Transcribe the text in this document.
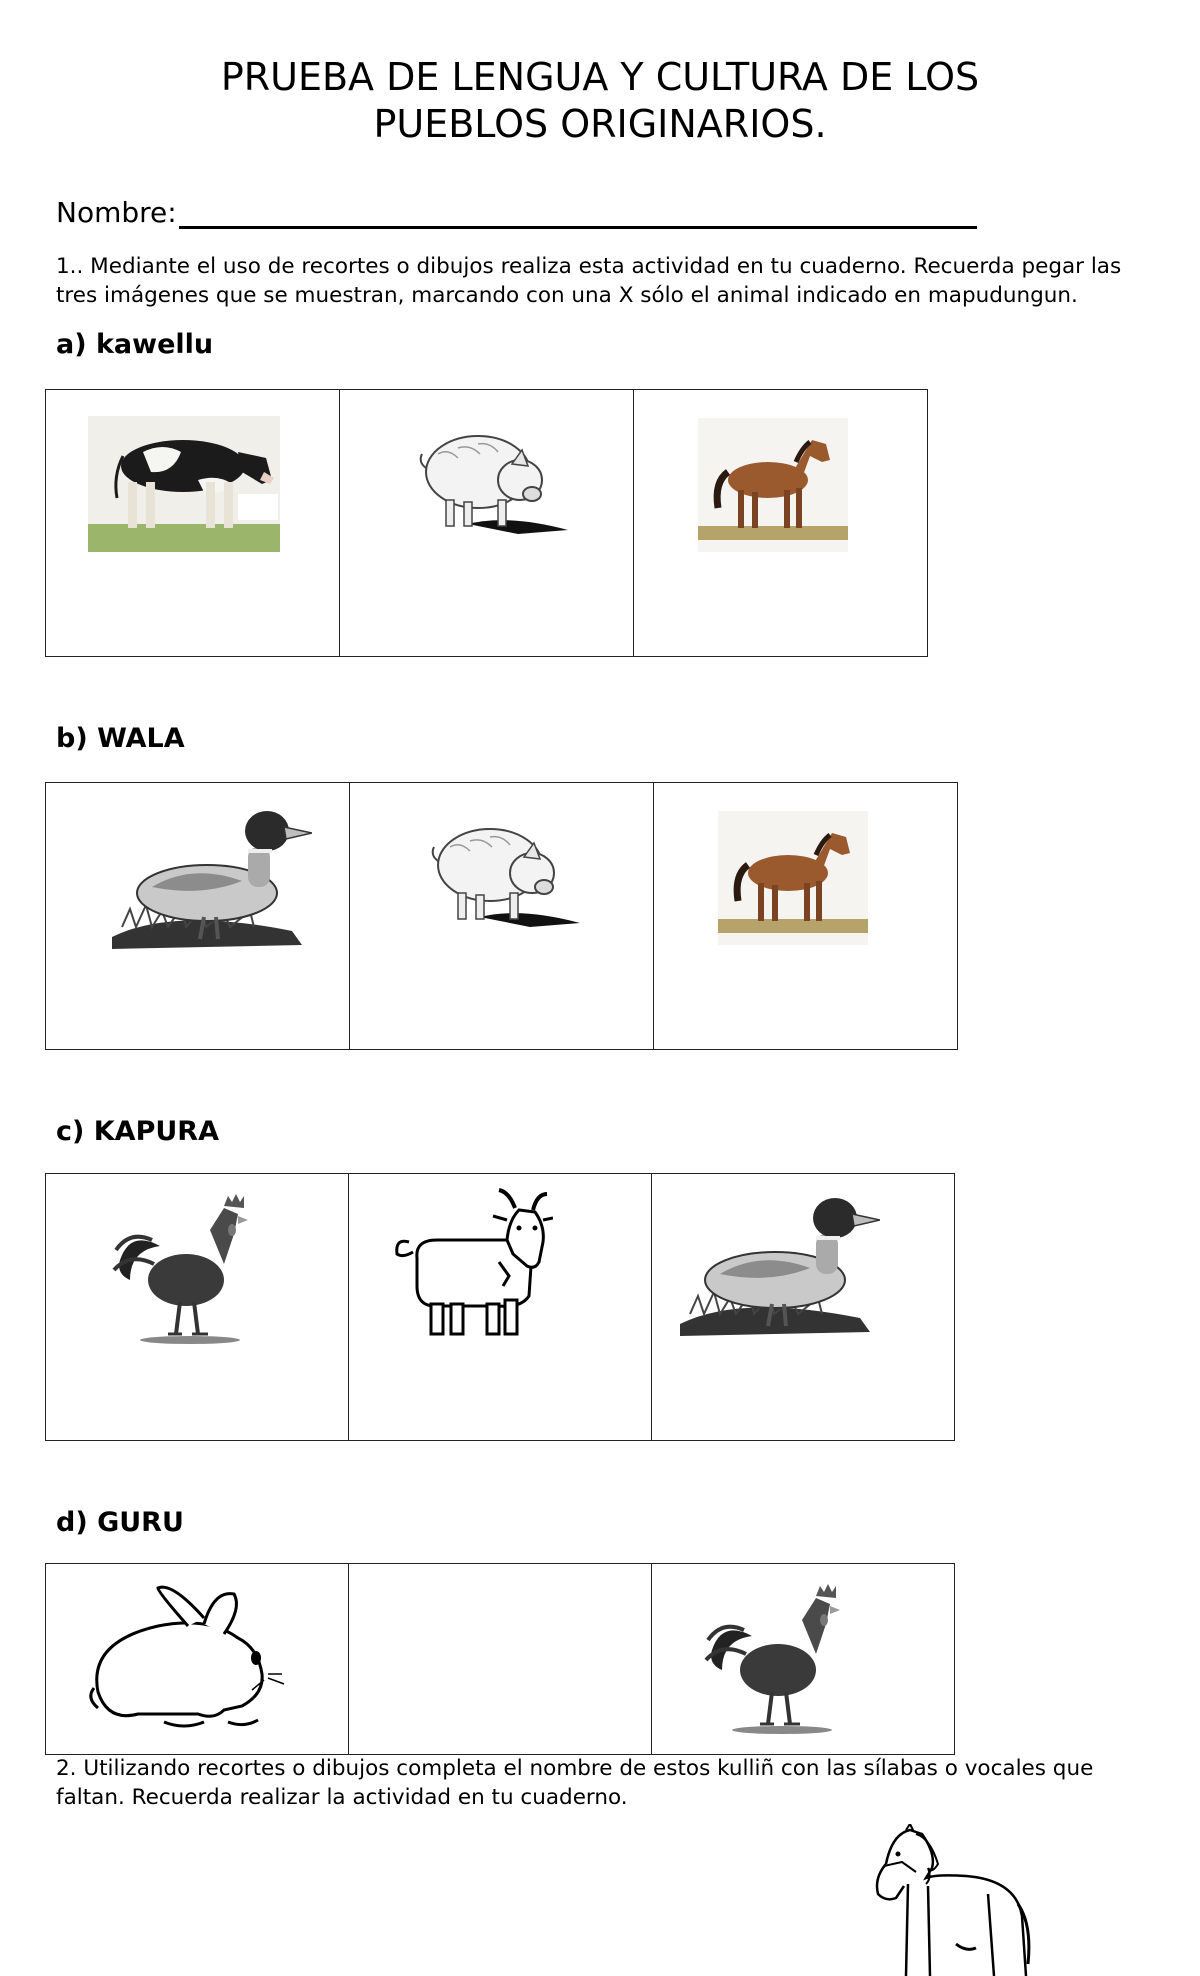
PRUEBA DE LENGUA Y CULTURA DE LOS
PUEBLOS ORIGINARIOS.
Nombre:

1.. Mediante el uso de recortes o dibujos realiza esta actividad en tu cuaderno. Recuerda pegar las tres imágenes que se muestran, marcando con una X sólo el animal indicado en mapudungun.

a) kawellu

b) WALA

c) KAPURA

d) GURU

2. Utilizando recortes o dibujos completa el nombre de estos kulliñ con las sílabas o vocales que faltan. Recuerda realizar la actividad en tu cuaderno.
